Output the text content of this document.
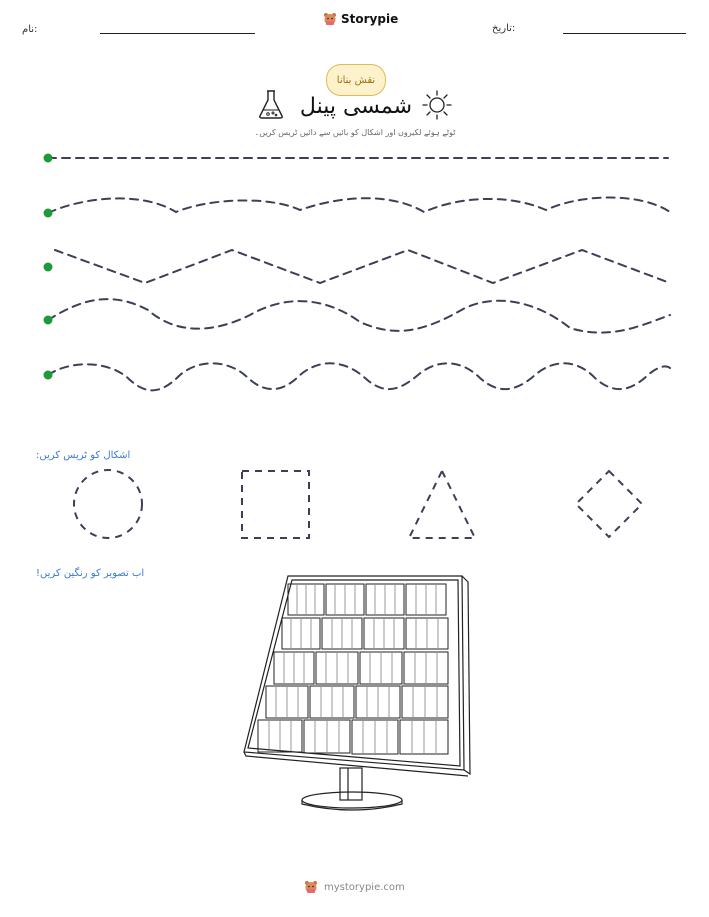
نام:
Storypie
تاریخ:
نقش بنانا
شمسی پینل
ٹوٹے ہوئے لکیروں اور اشکال کو بائیں سے دائیں ٹریس کریں۔
اشکال کو ٹریس کریں:
اب تصویر کو رنگین کریں!
mystorypie.com
